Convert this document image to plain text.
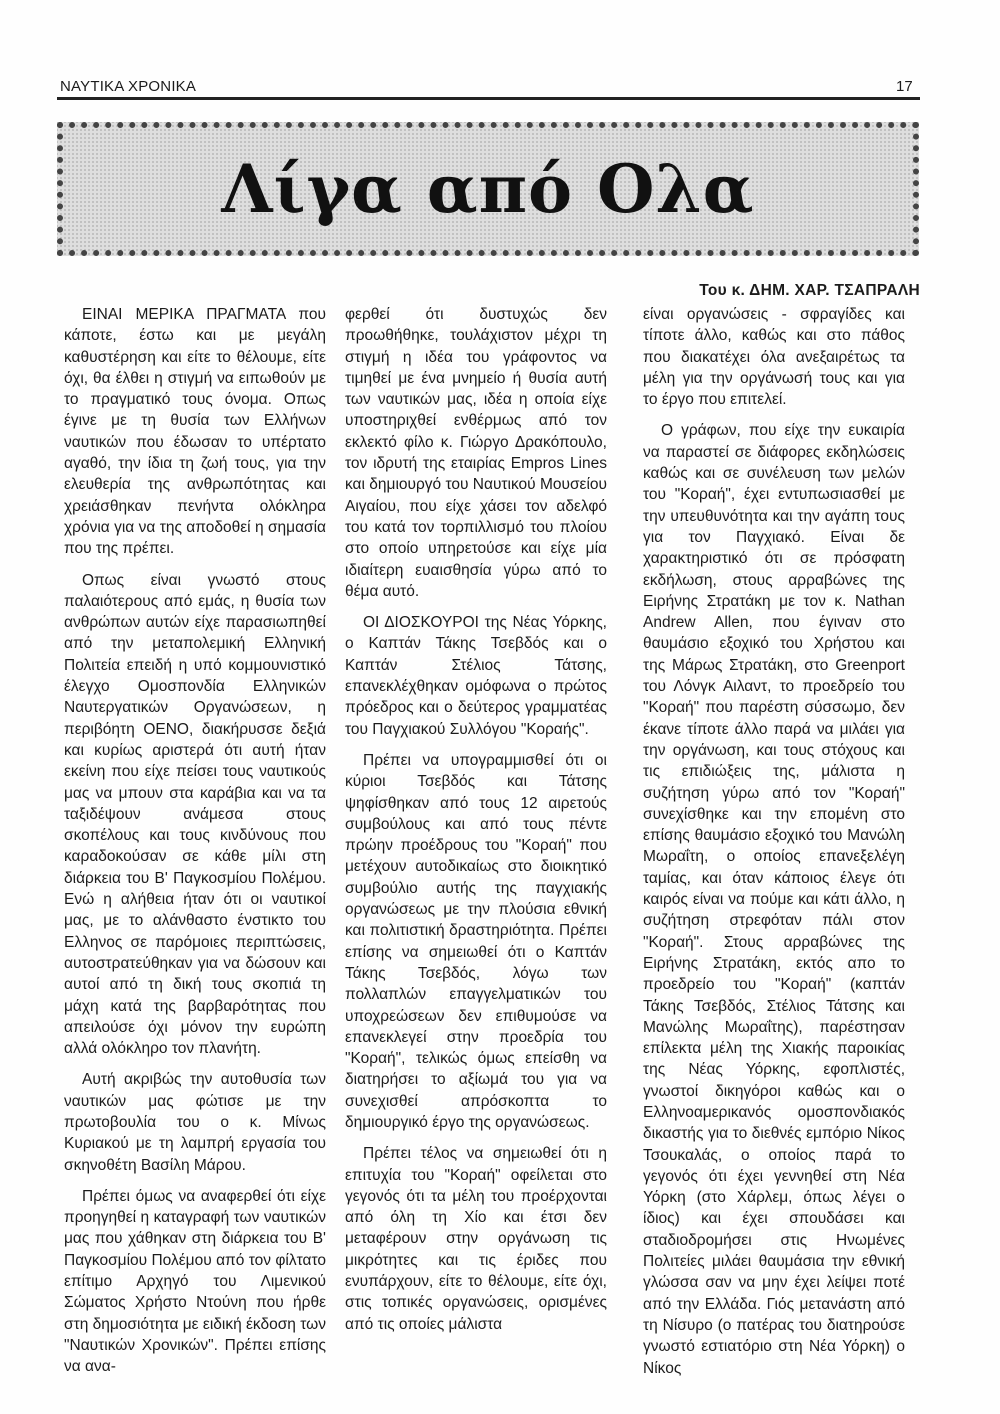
ΝΑΥΤΙΚΑ ΧΡΟΝΙΚΑ	17
Λίγα από Ολα
Του κ. ΔΗΜ. ΧΑΡ. ΤΣΑΠΡΑΛΗ

ΕΙΝΑΙ ΜΕΡΙΚΑ ΠΡΑΓΜΑΤΑ που κάποτε, έστω και με μεγάλη καθυστέρηση και είτε το θέλουμε, είτε όχι, θα έλθει η στιγμή να ειπωθούν με το πραγματικό τους όνομα. Οπως έγινε με τη θυσία των Ελλήνων ναυτικών που έδωσαν το υπέρτατο αγαθό, την ίδια τη ζωή τους, για την ελευθερία της ανθρωπότητας και χρειάσθηκαν πενήντα ολόκληρα χρόνια για να της αποδοθεί η σημασία που της πρέπει.

Οπως είναι γνωστό στους παλαιότερους από εμάς, η θυσία των ανθρώπων αυτών είχε παρασιωπηθεί από την μεταπολεμική Ελληνική Πολιτεία επειδή η υπό κομμουνιστικό έλεγχο Ομοσπονδία Ελληνικών Ναυτεργατικών Οργανώσεων, η περιβόητη ΟΕΝΟ, διακήρυσσε δεξιά και κυρίως αριστερά ότι αυτή ήταν εκείνη που είχε πείσει τους ναυτικούς μας να μπουν στα καράβια και να τα ταξιδέψουν ανάμεσα στους σκοπέλους και τους κινδύνους που καραδοκούσαν σε κάθε μίλι στη διάρκεια του Β' Παγκοσμίου Πολέμου. Ενώ η αλήθεια ήταν ότι οι ναυτικοί μας, με το αλάνθαστο ένστικτο του Ελληνος σε παρόμοιες περιπτώσεις, αυτοστρατεύθηκαν για να δώσουν και αυτοί από τη δική τους σκοπιά τη μάχη κατά της βαρβαρότητας που απειλούσε όχι μόνον την ευρώπη αλλά ολόκληρο τον πλανήτη.

Αυτή ακριβώς την αυτοθυσία των ναυτικών μας φώτισε με την πρωτοβουλία του ο κ. Μίνως Κυριακού με τη λαμπρή εργασία του σκηνοθέτη Βασίλη Μάρου.

Πρέπει όμως να αναφερθεί ότι είχε προηγηθεί η καταγραφή των ναυτικών μας που χάθηκαν στη διάρκεια του Β' Παγκοσμίου Πολέμου από τον φίλτατο επίτιμο Αρχηγό του Λιμενικού Σώματος Χρήστο Ντούνη που ήρθε στη δημοσιότητα με ειδική έκδοση των "Ναυτικών Χρονικών". Πρέπει επίσης να ανα-

φερθεί ότι δυστυχώς δεν προωθήθηκε, τουλάχιστον μέχρι τη στιγμή η ιδέα του γράφοντος να τιμηθεί με ένα μνημείο ή θυσία αυτή των ναυτικών μας, ιδέα η οποία είχε υποστηριχθεί ενθέρμως από τον εκλεκτό φίλο κ. Γιώργο Δρακόπουλο, τον ιδρυτή της εταιρίας Empros Lines και δημιουργό του Ναυτικού Μουσείου Αιγαίου, που είχε χάσει τον αδελφό του κατά τον τορπιλλισμό του πλοίου στο οποίο υπηρετούσε και είχε μία ιδιαίτερη ευαισθησία γύρω από το θέμα αυτό.

ΟΙ ΔΙΟΣΚΟΥΡΟΙ της Νέας Υόρκης, ο Καπτάν Τάκης Τσεβδός και ο Καπτάν Στέλιος Τάτσης, επανεκλέχθηκαν ομόφωνα ο πρώτος πρόεδρος και ο δεύτερος γραμματέας του Παγχιακού Συλλόγου "Κοραής".

Πρέπει να υπογραμμισθεί ότι οι κύριοι Τσεβδός και Τάτσης ψηφίσθηκαν από τους 12 αιρετούς συμβούλους και από τους πέντε πρώην προέδρους του "Κοραή" που μετέχουν αυτοδικαίως στο διοικητικό συμβούλιο αυτής της παγχιακής οργανώσεως με την πλούσια εθνική και πολιτιστική δραστηριότητα. Πρέπει επίσης να σημειωθεί ότι ο Καπτάν Τάκης Τσεβδός, λόγω των πολλαπλών επαγγελματικών του υποχρεώσεων δεν επιθυμούσε να επανεκλεγεί στην προεδρία του "Κοραή", τελικώς όμως επείσθη να διατηρήσει το αξίωμά του για να συνεχισθεί απρόσκοπτα το δημιουργικό έργο της οργανώσεως.

Πρέπει τέλος να σημειωθεί ότι η επιτυχία του "Κοραή" οφείλεται στο γεγονός ότι τα μέλη του προέρχονται από όλη τη Χίο και έτσι δεν μεταφέρουν στην οργάνωση τις μικρότητες και τις έριδες που ενυπάρχουν, είτε το θέλουμε, είτε όχι, στις τοπικές οργανώσεις, ορισμένες από τις οποίες μάλιστα

είναι οργανώσεις - σφραγίδες και τίποτε άλλο, καθώς και στο πάθος που διακατέχει όλα ανεξαιρέτως τα μέλη για την οργάνωσή τους και για το έργο που επιτελεί.

Ο γράφων, που είχε την ευκαιρία να παραστεί σε διάφορες εκδηλώσεις καθώς και σε συνέλευση των μελών του "Κοραή", έχει εντυπωσιασθεί με την υπευθυνότητα και την αγάπη τους για τον Παγχιακό. Είναι δε χαρακτηριστικό ότι σε πρόσφατη εκδήλωση, στους αρραβώνες της Ειρήνης Στρατάκη με τον κ. Nathan Andrew Allen, που έγιναν στο θαυμάσιο εξοχικό του Χρήστου και της Μάρως Στρατάκη, στο Greenport του Λόνγκ Αιλαντ, το προεδρείο του "Κοραή" που παρέστη σύσσωμο, δεν έκανε τίποτε άλλο παρά να μιλάει για την οργάνωση, και τους στόχους και τις επιδιώξεις της, μάλιστα η συζήτηση γύρω από τον "Κοραή" συνεχίσθηκε και την επομένη στο επίσης θαυμάσιο εξοχικό του Μανώλη Μωραΐτη, ο οποίος επανεξελέγη ταμίας, και όταν κάποιος έλεγε ότι καιρός είναι να πούμε και κάτι άλλο, η συζήτηση στρεφόταν πάλι στον "Κοραή". Στους αρραβώνες της Ειρήνης Στρατάκη, εκτός απο το προεδρείο του "Κοραή" (καπτάν Τάκης Τσεβδός, Στέλιος Τάτσης και Μανώλης Μωραΐτης), παρέστησαν επίλεκτα μέλη της Χιακής παροικίας της Νέας Υόρκης, εφοπλιστές, γνωστοί δικηγόροι καθώς και ο Ελληνοαμερικανός ομοσπονδιακός δικαστής για το διεθνές εμπόριο Νίκος Τσουκαλάς, ο οποίος παρά το γεγονός ότι έχει γεννηθεί στη Νέα Υόρκη (στο Χάρλεμ, όπως λέγει ο ίδιος) και έχει σπουδάσει και σταδιοδρομήσει στις Ηνωμένες Πολιτείες μιλάει θαυμάσια την εθνική γλώσσα σαν να μην έχει λείψει ποτέ από την Ελλάδα. Γιός μετανάστη από τη Νίσυρο (ο πατέρας του διατηρούσε γνωστό εστιατόριο στη Νέα Υόρκη) ο Νίκος
